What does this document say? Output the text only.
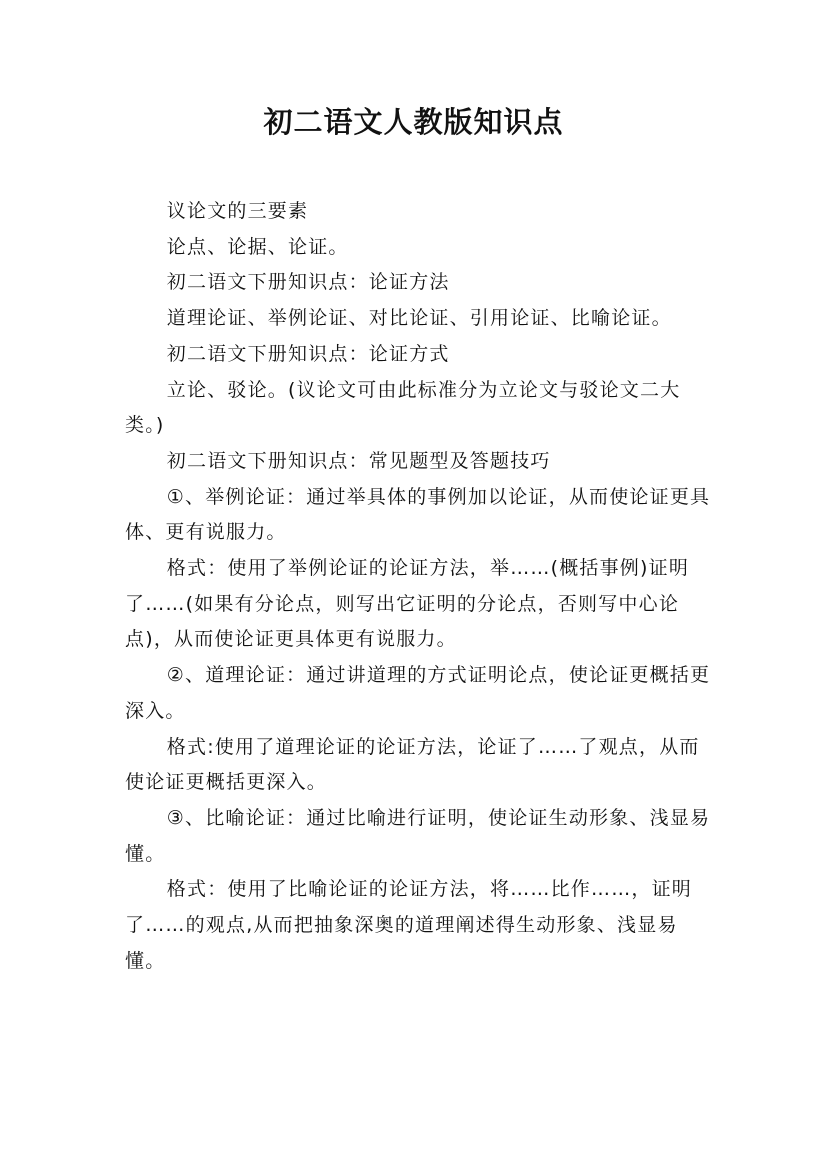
初二语文人教版知识点

议论文的三要素

论点、论据、论证。

初二语文下册知识点：论证方法

道理论证、举例论证、对比论证、引用论证、比喻论证。

初二语文下册知识点：论证方式

立论、驳论。(议论文可由此标准分为立论文与驳论文二大类。)

初二语文下册知识点：常见题型及答题技巧

①、举例论证：通过举具体的事例加以论证，从而使论证更具体、更有说服力。

格式：使用了举例论证的论证方法，举……(概括事例)证明了……(如果有分论点，则写出它证明的分论点，否则写中心论点)，从而使论证更具体更有说服力。

②、道理论证：通过讲道理的方式证明论点，使论证更概括更深入。

格式:使用了道理论证的论证方法，论证了……了观点，从而使论证更概括更深入。

③、比喻论证：通过比喻进行证明，使论证生动形象、浅显易懂。

格式：使用了比喻论证的论证方法，将……比作……，证明了……的观点,从而把抽象深奥的道理阐述得生动形象、浅显易懂。
